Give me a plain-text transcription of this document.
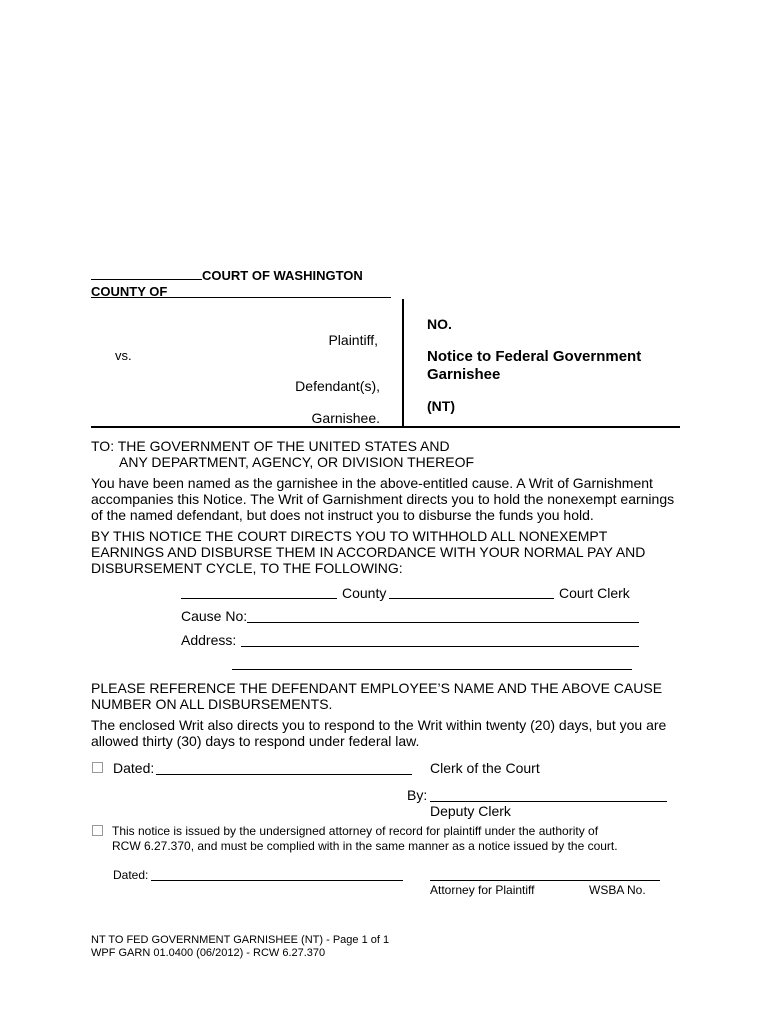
COURT OF WASHINGTON
COUNTY OF
Plaintiff,
vs.
Defendant(s),
Garnishee.
NO.
Notice to Federal Government
Garnishee
(NT)
TO: THE GOVERNMENT OF THE UNITED STATES AND
ANY DEPARTMENT, AGENCY, OR DIVISION THEREOF
You have been named as the garnishee in the above-entitled cause. A Writ of Garnishment
accompanies this Notice. The Writ of Garnishment directs you to hold the nonexempt earnings
of the named defendant, but does not instruct you to disburse the funds you hold.
BY THIS NOTICE THE COURT DIRECTS YOU TO WITHHOLD ALL NONEXEMPT
EARNINGS AND DISBURSE THEM IN ACCORDANCE WITH YOUR NORMAL PAY AND
DISBURSEMENT CYCLE, TO THE FOLLOWING:
County	Court Clerk
Cause No:
Address:
PLEASE REFERENCE THE DEFENDANT EMPLOYEE’S NAME AND THE ABOVE CAUSE
NUMBER ON ALL DISBURSEMENTS.
The enclosed Writ also directs you to respond to the Writ within twenty (20) days, but you are
allowed thirty (30) days to respond under federal law.
Dated:	Clerk of the Court
By:
Deputy Clerk
This notice is issued by the undersigned attorney of record for plaintiff under the authority of
RCW 6.27.370, and must be complied with in the same manner as a notice issued by the court.
Dated:
Attorney for Plaintiff	WSBA No.
NT TO FED GOVERNMENT GARNISHEE (NT) - Page 1 of 1
WPF GARN 01.0400 (06/2012) - RCW 6.27.370
